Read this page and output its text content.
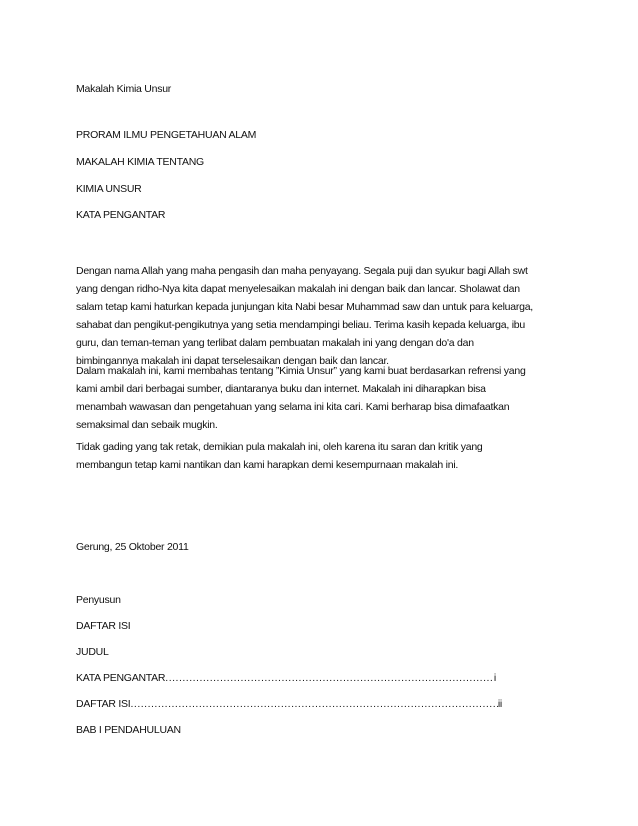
Makalah Kimia Unsur

PRORAM ILMU PENGETAHUAN ALAM

MAKALAH KIMIA TENTANG

KIMIA UNSUR

KATA PENGANTAR

Dengan nama Allah yang maha pengasih dan maha penyayang. Segala puji dan syukur bagi Allah swt
yang dengan ridho-Nya kita dapat menyelesaikan makalah ini dengan baik dan lancar. Sholawat dan
salam tetap kami haturkan kepada junjungan kita Nabi besar Muhammad saw dan untuk para keluarga,
sahabat dan pengikut-pengikutnya yang setia mendampingi beliau. Terima kasih kepada keluarga, ibu
guru, dan teman-teman yang terlibat dalam pembuatan makalah ini yang dengan do'a dan
bimbingannya makalah ini dapat terselesaikan dengan baik dan lancar.
Dalam makalah ini, kami membahas tentang ”Kimia Unsur” yang kami buat berdasarkan refrensi yang
kami ambil dari berbagai sumber, diantaranya buku dan internet. Makalah ini diharapkan bisa
menambah wawasan dan pengetahuan yang selama ini kita cari. Kami berharap bisa dimafaatkan
semaksimal dan sebaik mugkin.
Tidak gading yang tak retak, demikian pula makalah ini, oleh karena itu saran dan kritik yang
membangun tetap kami nantikan dan kami harapkan demi kesempurnaan makalah ini.

Gerung, 25 Oktober 2011

Penyusun

DAFTAR ISI

JUDUL

KATA PENGANTAR .....	i
DAFTAR ISI .....	ii

BAB I PENDAHULUAN
